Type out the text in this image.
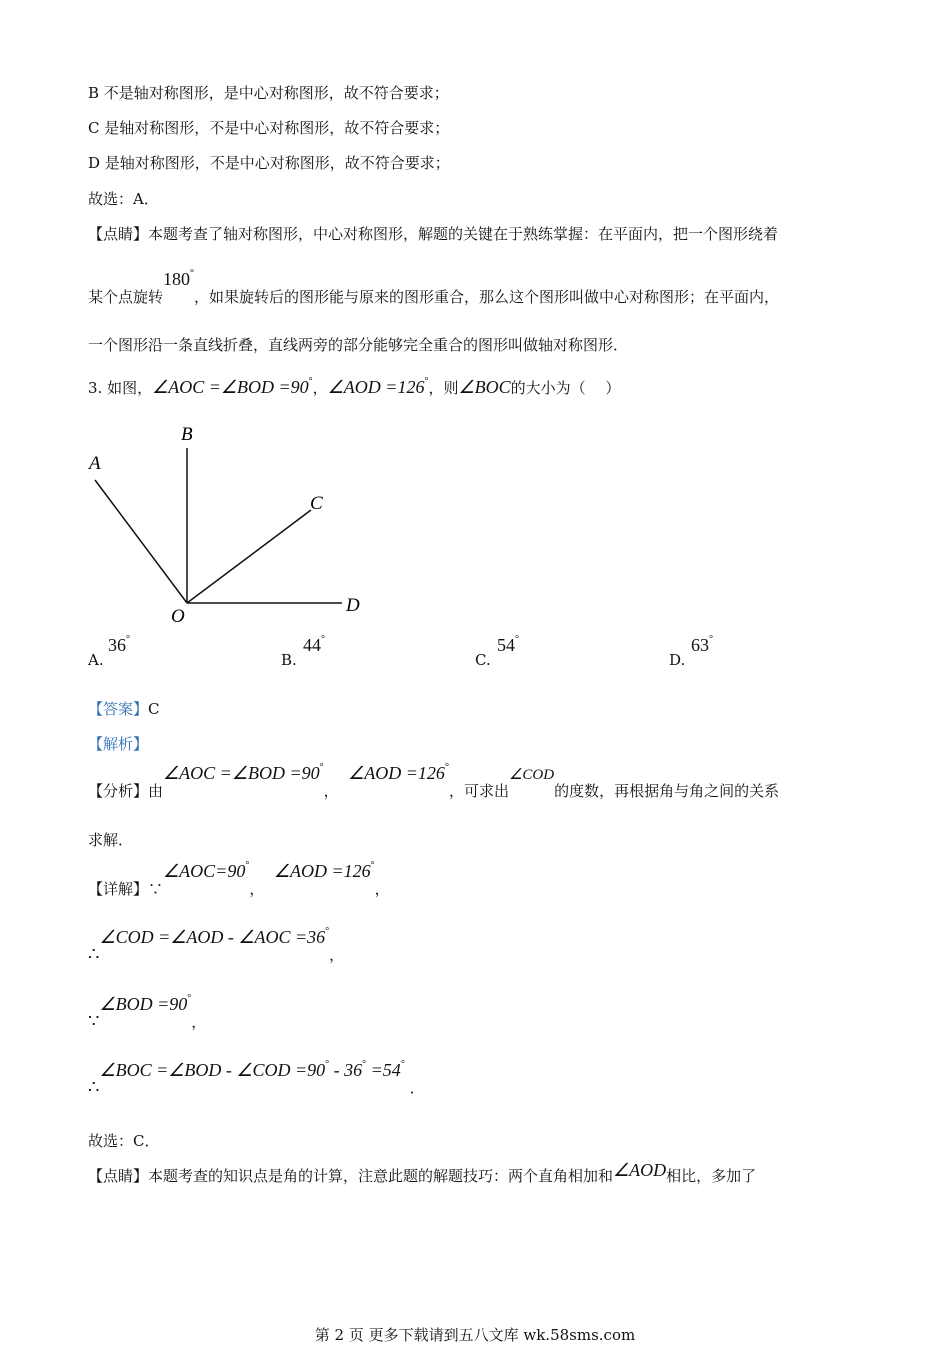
B 不是轴对称图形，是中心对称图形，故不符合要求；
C 是轴对称图形，不是中心对称图形，故不符合要求；
D 是轴对称图形，不是中心对称图形，故不符合要求；
故选：A．
【点睛】本题考查了轴对称图形，中心对称图形，解题的关键在于熟练掌握：在平面内，把一个图形绕着
某个点旋转180°，如果旋转后的图形能与原来的图形重合，那么这个图形叫做中心对称图形；在平面内，
一个图形沿一条直线折叠，直线两旁的部分能够完全重合的图形叫做轴对称图形．
3. 如图，∠AOC =∠BOD =90°，∠AOD =126°，则∠BOC的大小为（　 ）
A
B
C
D
O
A.
36°
B.
44°
C.
54°
D.
63°
【答案】C
【解析】
【分析】由∠AOC =∠BOD =90°，  ∠AOD =126°，可求出∠COD的度数，再根据角与角之间的关系
求解．
【详解】∵∠AOC=90°，  ∠AOD =126°，
∴∠COD =∠AOD - ∠AOC =36°，
∵∠BOD =90°，
∴∠BOC =∠BOD - ∠COD =90° - 36° =54° ．
故选：C．
【点睛】本题考查的知识点是角的计算，注意此题的解题技巧：两个直角相加和∠AOD相比，多加了
第 2 页 更多下载请到五八文库 wk.58sms.com
